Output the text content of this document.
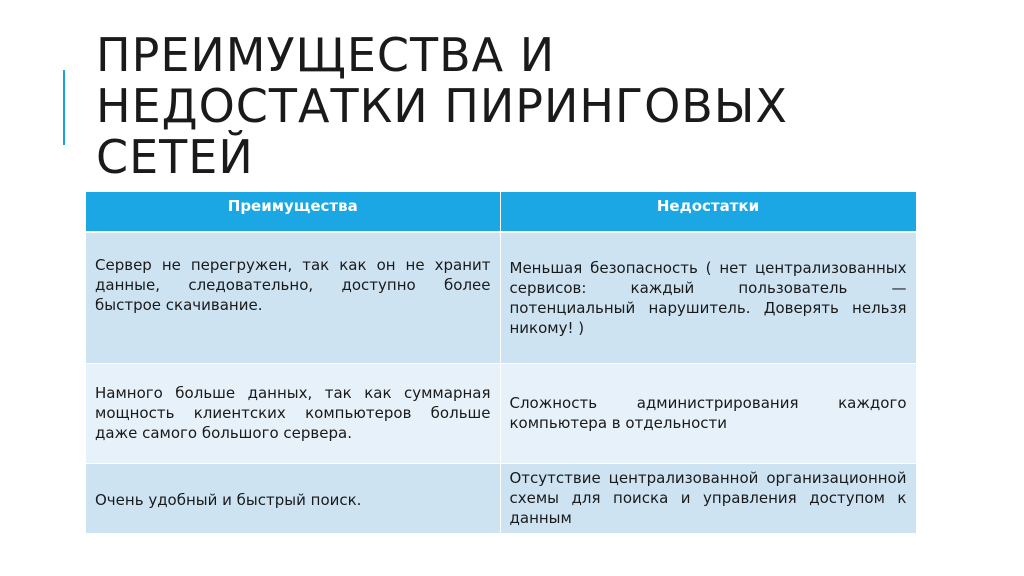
ПРЕИМУЩЕСТВА И
НЕДОСТАТКИ ПИРИНГОВЫХ
СЕТЕЙ
Преимущества	Недостатки
Сервер не перегружен, так как он не хранит данные, следовательно, доступно более быстрое скачивание.	Меньшая безопасность ( нет централизованных сервисов: каждый пользователь — потенциальный нарушитель. Доверять нельзя никому! )
Намного больше данных, так как суммарная мощность клиентских компьютеров больше даже самого большого сервера.	Сложность администрирования каждого компьютера в отдельности
Очень удобный и быстрый поиск.	Отсутствие централизованной организационной схемы для поиска и управления доступом к данным
